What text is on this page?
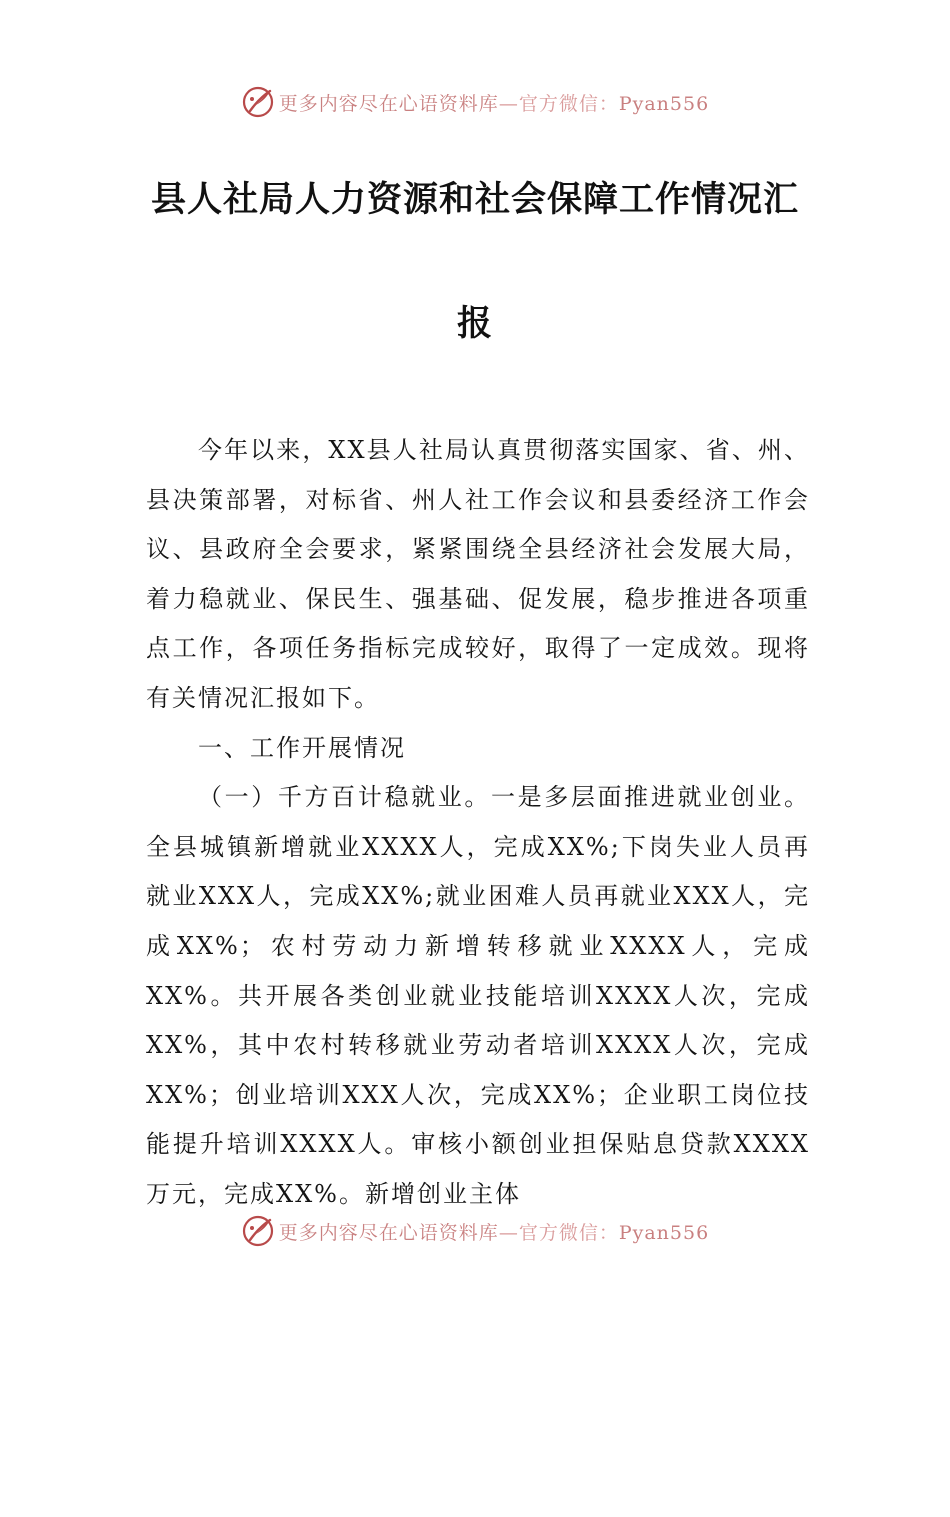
更多内容尽在心语资料库—官方微信：Pyan556
县人社局人力资源和社会保障工作情况汇
报

今年以来，XX县人社局认真贯彻落实国家、省、州、县决策部署，对标省、州人社工作会议和县委经济工作会议、县政府全会要求，紧紧围绕全县经济社会发展大局，着力稳就业、保民生、强基础、促发展，稳步推进各项重点工作，各项任务指标完成较好，取得了一定成效。现将有关情况汇报如下。

一、工作开展情况

（一）千方百计稳就业。一是多层面推进就业创业。全县城镇新增就业XXXX人，完成XX%;下岗失业人员再就业XXX人，完成XX%;就业困难人员再就业XXX人，完成XX%；农村劳动力新增转移就业XXXX人，完成XX%。共开展各类创业就业技能培训XXXX人次，完成XX%，其中农村转移就业劳动者培训XXXX人次，完成XX%；创业培训XXX人次，完成XX%；企业职工岗位技能提升培训XXXX人。审核小额创业担保贴息贷款XXXX万元，完成XX%。新增创业主体

更多内容尽在心语资料库—官方微信：Pyan556
